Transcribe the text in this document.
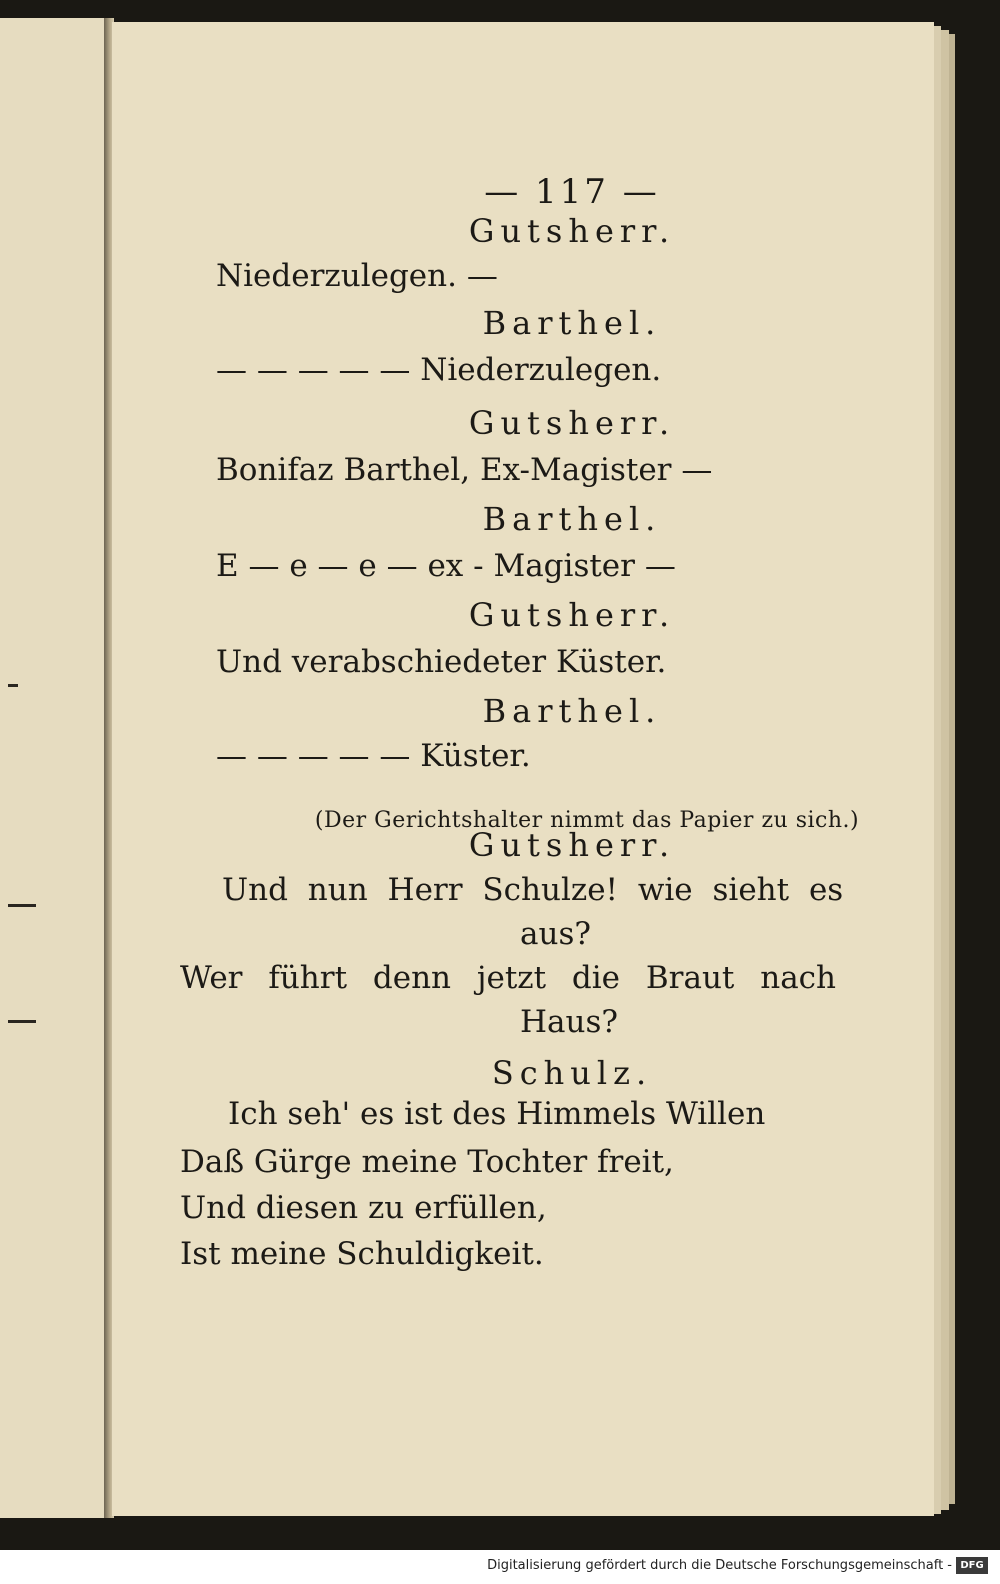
— 117 —
Gutsherr.
Niederzulegen. —
Barthel.
— — — — — Niederzulegen.
Gutsherr.
Bonifaz Barthel, Ex-Magister —
Barthel.
E — e — e — ex - Magister —
Gutsherr.
Und verabschiedeter Küster.
Barthel.
— — — — — Küster.
(Der Gerichtshalter nimmt das Papier zu sich.)
Gutsherr.
Und nun Herr Schulze! wie sieht es
aus?
Wer führt denn jetzt die Braut nach
Haus?
Schulz.
Ich seh' es ist des Himmels Willen
Daß Gürge meine Tochter freit,
Und diesen zu erfüllen,
Ist meine Schuldigkeit.
Digitalisierung gefördert durch die Deutsche Forschungsgemeinschaft - DFG
